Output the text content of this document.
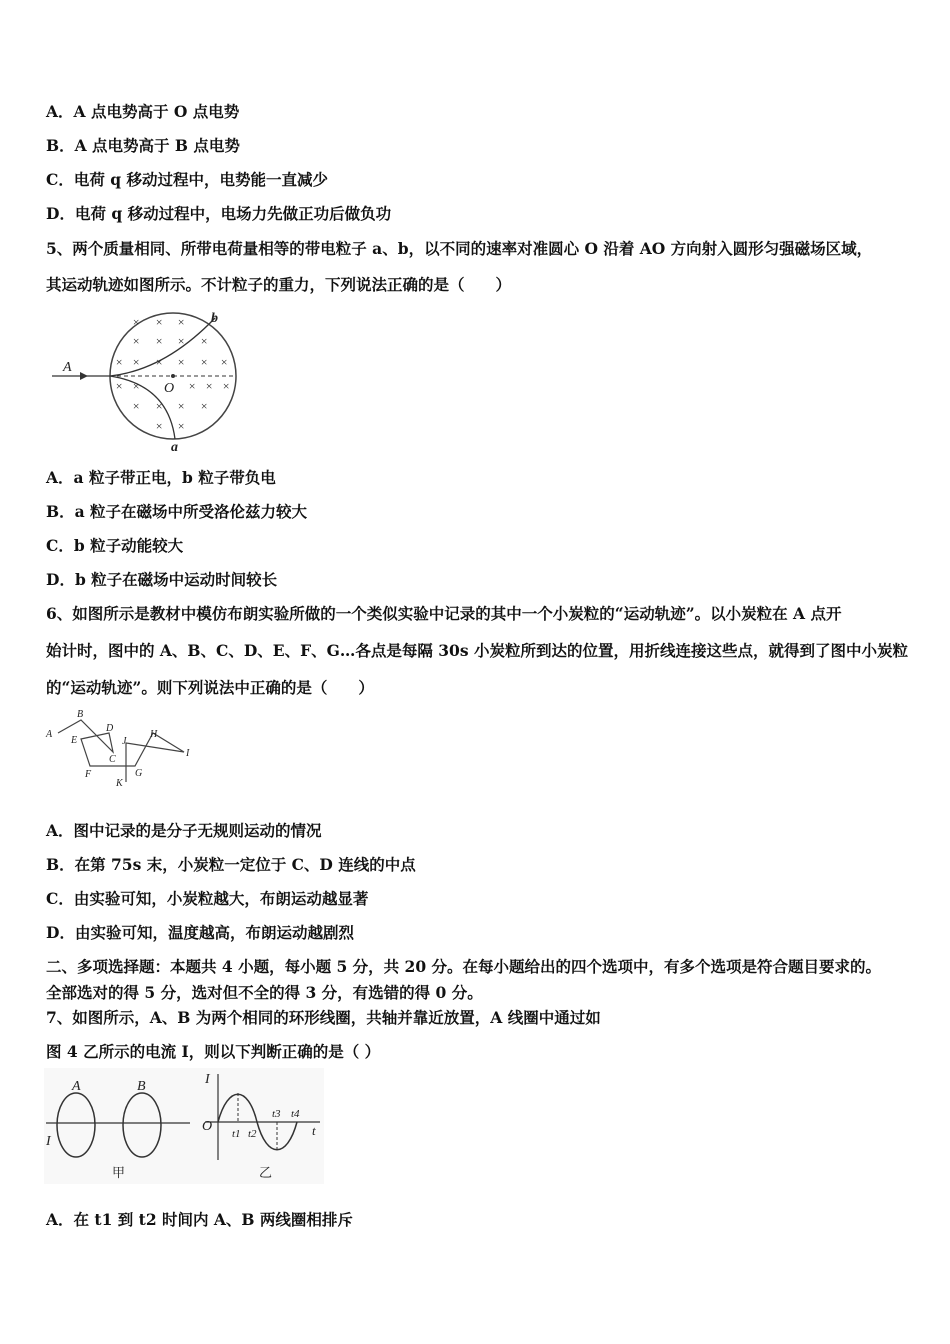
A．A 点电势高于 O 点电势
B．A 点电势高于 B 点电势
C．电荷 q 移动过程中，电势能一直减少
D．电荷 q 移动过程中，电场力先做正功后做负功
5、两个质量相同、所带电荷量相等的带电粒子 a、b，以不同的速率对准圆心 O 沿着 AO 方向射入圆形匀强磁场区域，
其运动轨迹如图所示。不计粒子的重力，下列说法正确的是（　　）
× × ×
× × × ×
× × × × × ×
× ×	× × ×
× × × ×
× ×
A
O
b
a
A．a 粒子带正电，b 粒子带负电
B．a 粒子在磁场中所受洛伦兹力较大
C．b 粒子动能较大
D．b 粒子在磁场中运动时间较长
6、如图所示是教材中模仿布朗实验所做的一个类似实验中记录的其中一个小炭粒的“运动轨迹”。以小炭粒在 A 点开
始计时，图中的 A、B、C、D、E、F、G…各点是每隔 30s 小炭粒所到达的位置，用折线连接这些点，就得到了图中小炭粒
的“运动轨迹”。则下列说法中正确的是（　　）
A
B
C
D
E
F	G
H
I
J
K
A．图中记录的是分子无规则运动的情况
B．在第 75s 末，小炭粒一定位于 C、D 连线的中点
C．由实验可知，小炭粒越大，布朗运动越显著
D．由实验可知，温度越高，布朗运动越剧烈
二、多项选择题：本题共 4 小题，每小题 5 分，共 20 分。在每小题给出的四个选项中，有多个选项是符合题目要求的。
全部选对的得 5 分，选对但不全的得 3 分，有选错的得 0 分。
7、如图所示，A、B 为两个相同的环形线圈，共轴并靠近放置，A 线圈中通过如
图 4 乙所示的电流 I，则以下判断正确的是（ ）
A	B
I
甲
I
O	t
t1 t2
t3 t4
乙
A．在 t1 到 t2 时间内 A、B 两线圈相排斥
